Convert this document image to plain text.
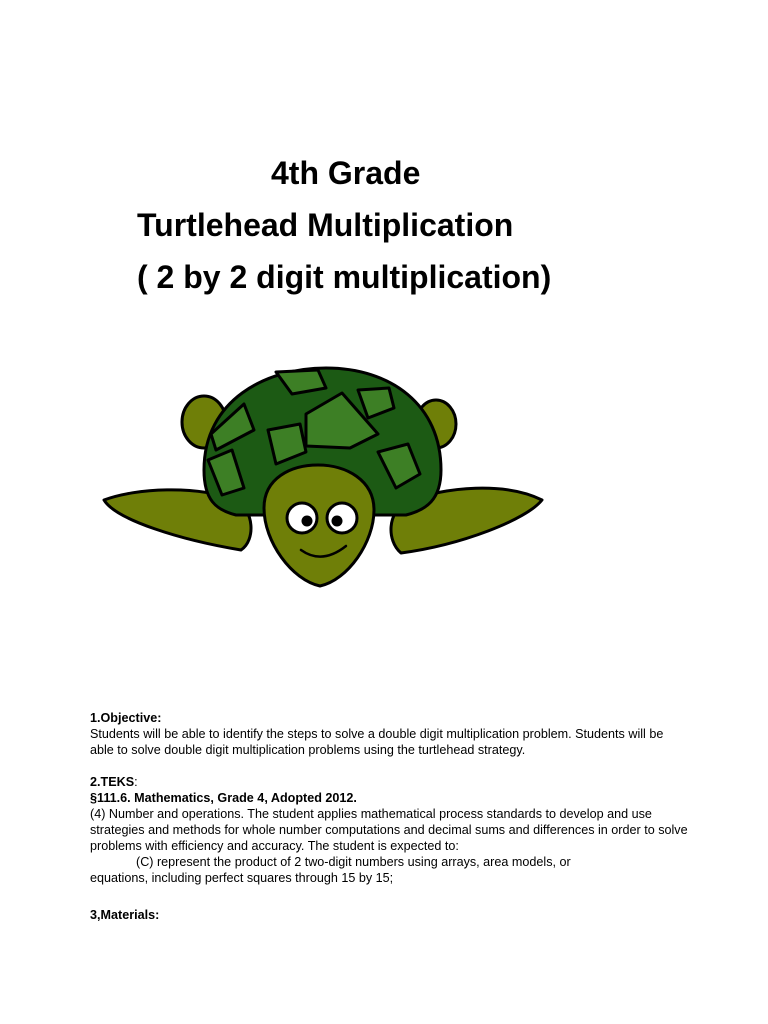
4th Grade
Turtlehead Multiplication
( 2 by 2 digit multiplication)

1.Objective:

Students will be able to identify the steps to solve a double digit multiplication problem. Students will be able to solve double digit multiplication problems using the turtlehead strategy.

2.TEKS:

§111.6. Mathematics, Grade 4, Adopted 2012.

(4) Number and operations. The student applies mathematical process standards to develop and use strategies and methods for whole number computations and decimal sums and differences in order to solve problems with efficiency and accuracy. The student is expected to:

(C) represent the product of 2 two-digit numbers using arrays, area models, or

equations, including perfect squares through 15 by 15;

3,Materials:
